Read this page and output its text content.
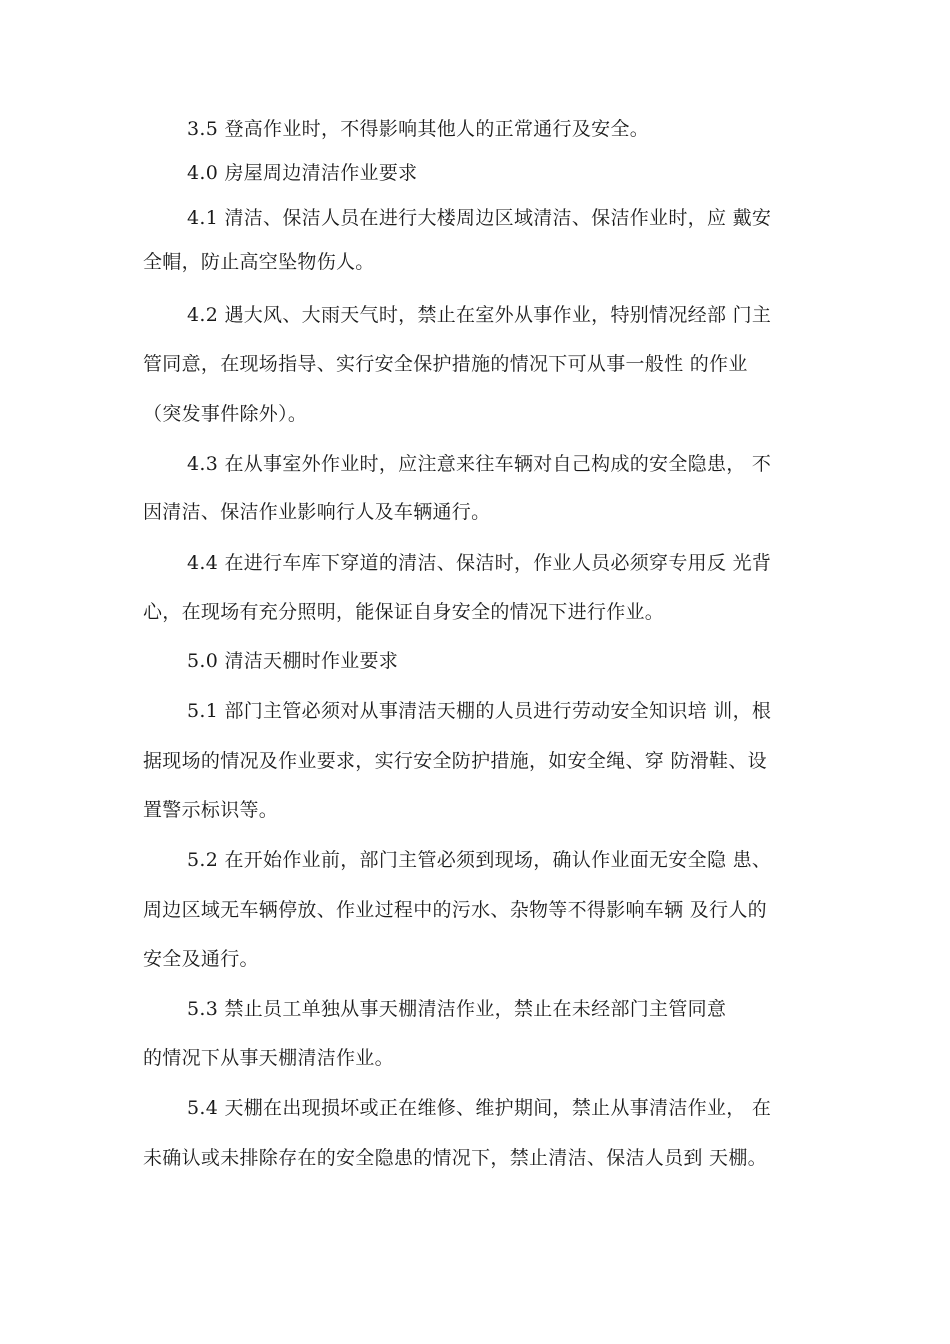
3.5 登高作业时，不得影响其他人的正常通行及安全。
4.0 房屋周边清洁作业要求
4.1 清洁、保洁人员在进行大楼周边区域清洁、保洁作业时，应 戴安
全帽，防止高空坠物伤人。
4.2 遇大风、大雨天气时，禁止在室外从事作业，特别情况经部 门主
管同意，在现场指导、实行安全保护措施的情况下可从事一般性 的作业
（突发事件除外）。
4.3 在从事室外作业时，应注意来往车辆对自己构成的安全隐患， 不
因清洁、保洁作业影响行人及车辆通行。
4.4 在进行车库下穿道的清洁、保洁时，作业人员必须穿专用反 光背
心，在现场有充分照明，能保证自身安全的情况下进行作业。
5.0 清洁天棚时作业要求
5.1 部门主管必须对从事清洁天棚的人员进行劳动安全知识培 训，根
据现场的情况及作业要求，实行安全防护措施，如安全绳、穿 防滑鞋、设
置警示标识等。
5.2 在开始作业前，部门主管必须到现场，确认作业面无安全隐 患、
周边区域无车辆停放、作业过程中的污水、杂物等不得影响车辆 及行人的
安全及通行。
5.3 禁止员工单独从事天棚清洁作业，禁止在未经部门主管同意
的情况下从事天棚清洁作业。
5.4 天棚在出现损坏或正在维修、维护期间，禁止从事清洁作业， 在
未确认或未排除存在的安全隐患的情况下，禁止清洁、保洁人员到 天棚。
